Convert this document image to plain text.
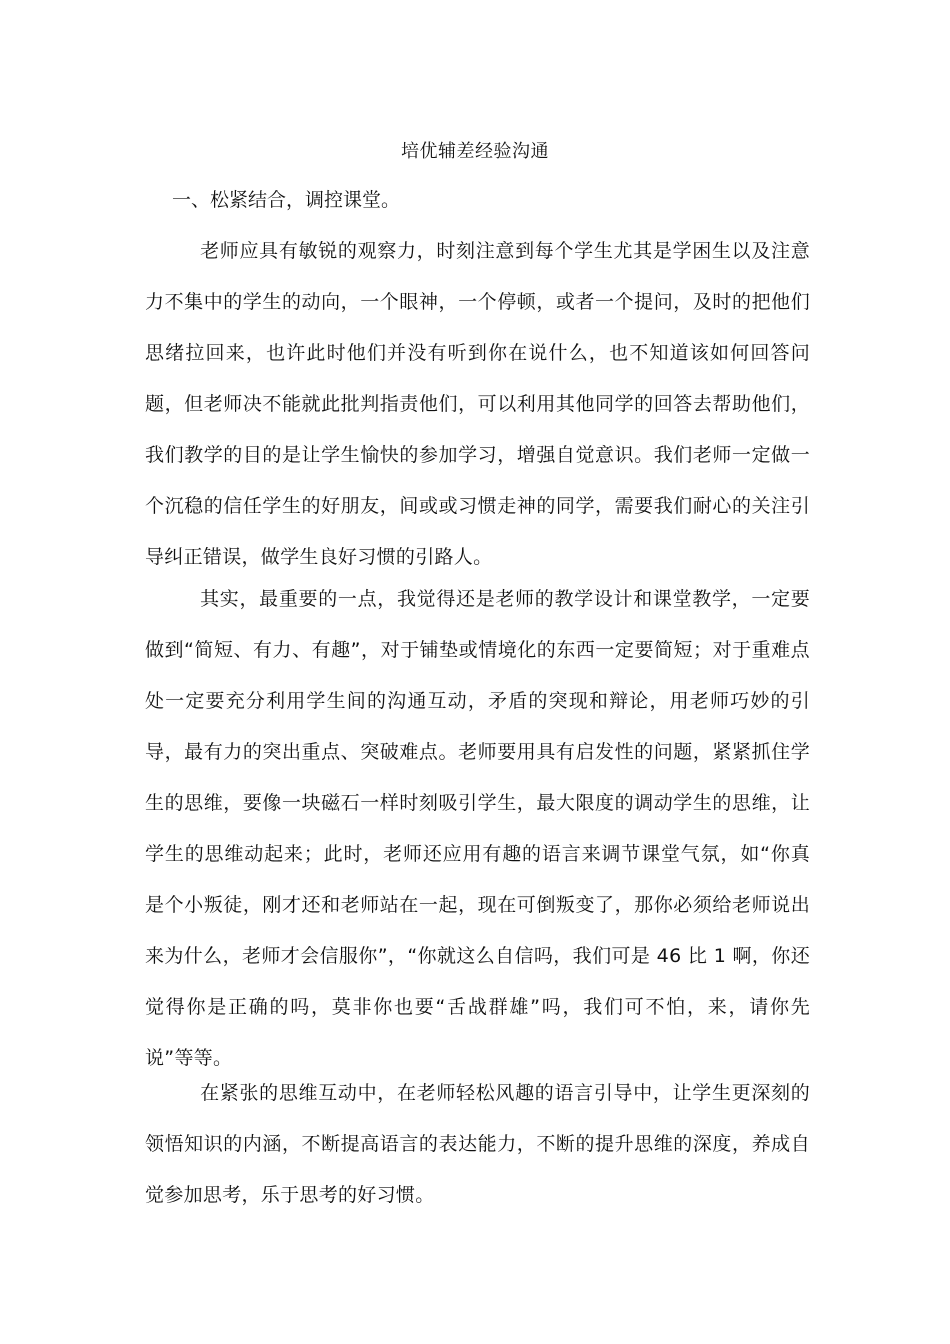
培优辅差经验沟通
一、松紧结合，调控课堂。

老师应具有敏锐的观察力，时刻注意到每个学生尤其是学困生以及注意力不集中的学生的动向，一个眼神，一个停顿，或者一个提问，及时的把他们思绪拉回来，也许此时他们并没有听到你在说什么，也不知道该如何回答问题，但老师决不能就此批判指责他们，可以利用其他同学的回答去帮助他们，我们教学的目的是让学生愉快的参加学习，增强自觉意识。我们老师一定做一个沉稳的信任学生的好朋友，间或或习惯走神的同学，需要我们耐心的关注引导纠正错误，做学生良好习惯的引路人。

其实，最重要的一点，我觉得还是老师的教学设计和课堂教学，一定要做到“简短、有力、有趣”，对于铺垫或情境化的东西一定要简短；对于重难点处一定要充分利用学生间的沟通互动，矛盾的突现和辩论，用老师巧妙的引导，最有力的突出重点、突破难点。老师要用具有启发性的问题，紧紧抓住学生的思维，要像一块磁石一样时刻吸引学生，最大限度的调动学生的思维，让学生的思维动起来；此时，老师还应用有趣的语言来调节课堂气氛，如“你真是个小叛徒，刚才还和老师站在一起，现在可倒叛变了，那你必须给老师说出来为什么，老师才会信服你”，“你就这么自信吗，我们可是 46 比 1 啊，你还觉得你是正确的吗，莫非你也要“舌战群雄”吗，我们可不怕，来，请你先说”等等。

在紧张的思维互动中，在老师轻松风趣的语言引导中，让学生更深刻的领悟知识的内涵，不断提高语言的表达能力，不断的提升思维的深度，养成自觉参加思考，乐于思考的好习惯。
